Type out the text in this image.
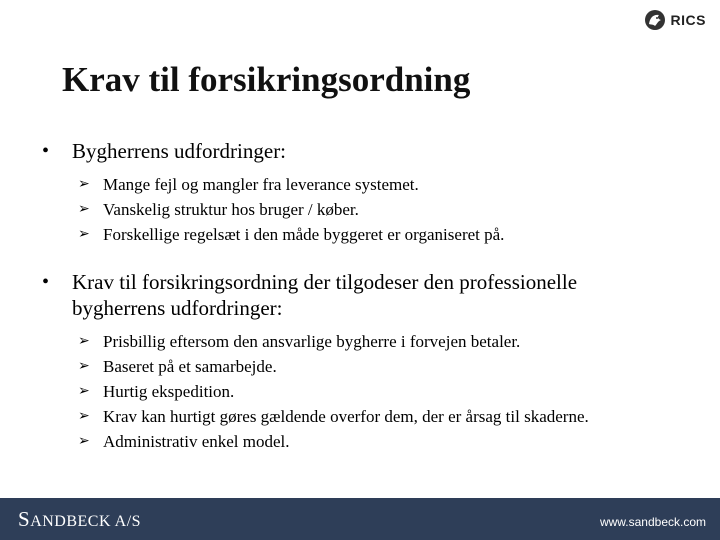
RICS
Krav til forsikringsordning
• Bygherrens udfordringer:
➢ Mange fejl og mangler fra leverance systemet.
➢ Vanskelig struktur hos bruger / køber.
➢ Forskellige regelsæt i den måde byggeret er organiseret på.
• Krav til forsikringsordning der tilgodeser den professionelle bygherrens udfordringer:
➢ Prisbillig eftersom den ansvarlige bygherre i forvejen betaler.
➢ Baseret på et samarbejde.
➢ Hurtig ekspedition.
➢ Krav kan hurtigt gøres gældende overfor dem, der er årsag til skaderne.
➢ Administrativ enkel model.
SANDBECK A/S	www.sandbeck.com
